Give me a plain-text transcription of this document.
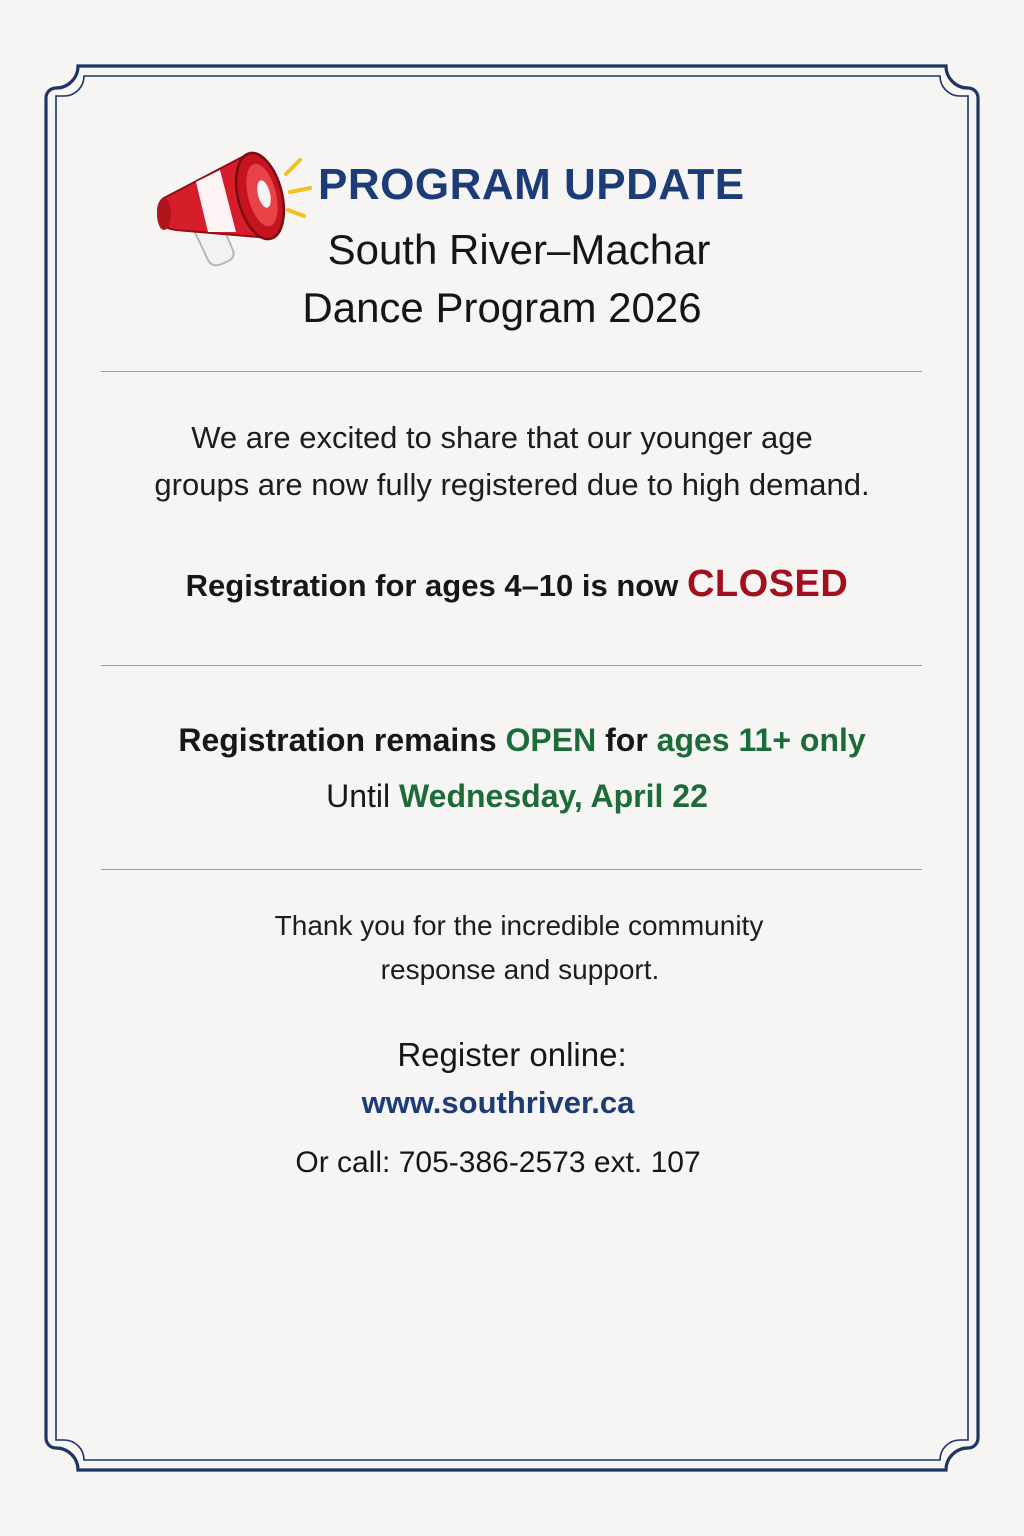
PROGRAM UPDATE
South River–Machar
Dance Program 2026
We are excited to share that our younger age
groups are now fully registered due to high demand.
Registration for ages 4–10 is now CLOSED
Registration remains OPEN for ages 11+ only
Until Wednesday, April 22
Thank you for the incredible community
response and support.
Register online:
www.southriver.ca
Or call: 705-386-2573 ext. 107
